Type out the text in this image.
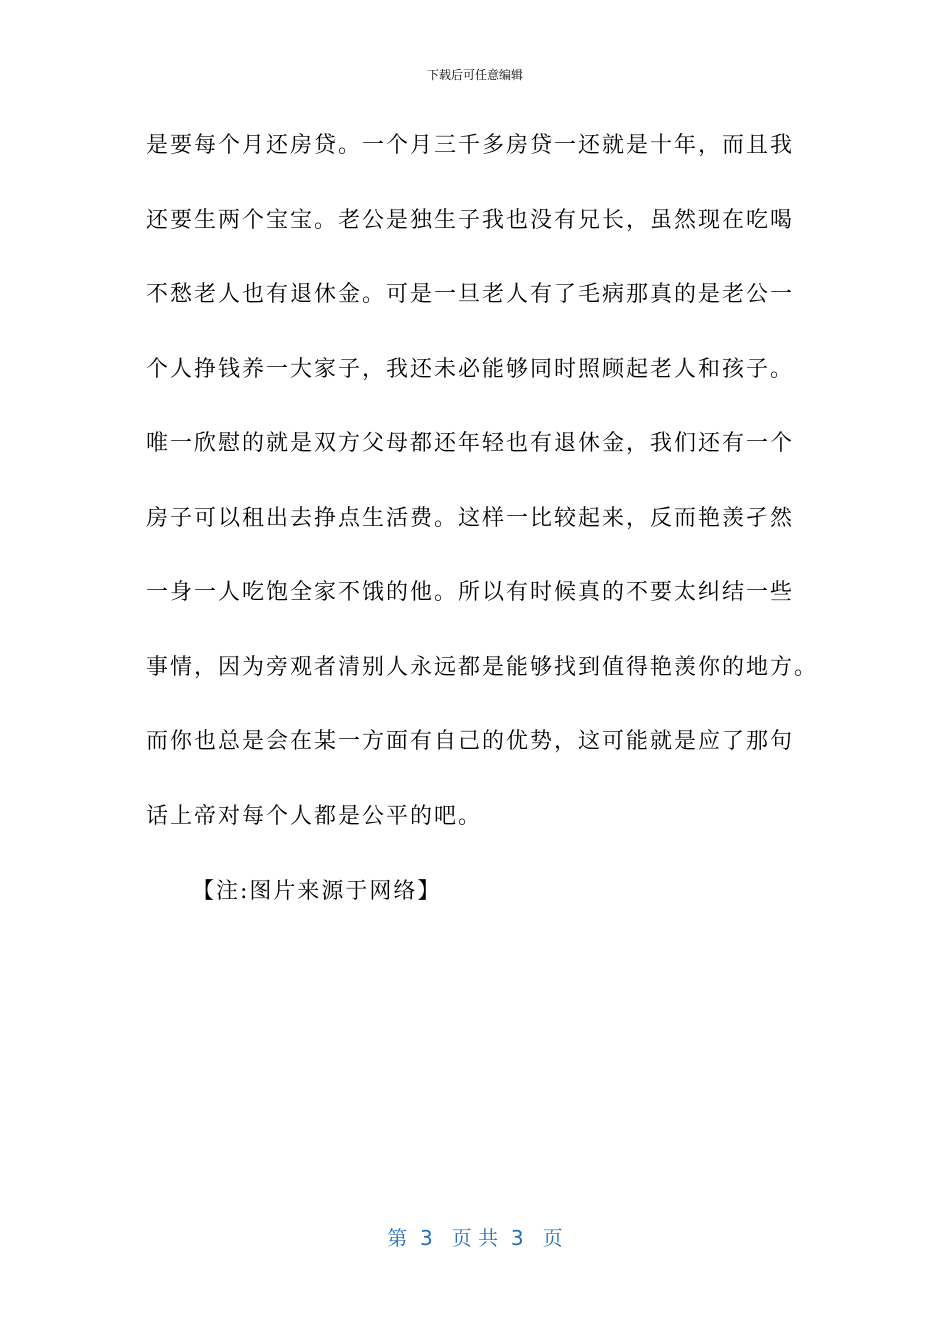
下载后可任意编辑
是要每个月还房贷。一个月三千多房贷一还就是十年，而且我
还要生两个宝宝。老公是独生子我也没有兄长，虽然现在吃喝
不愁老人也有退休金。可是一旦老人有了毛病那真的是老公一
个人挣钱养一大家子，我还未必能够同时照顾起老人和孩子。
唯一欣慰的就是双方父母都还年轻也有退休金，我们还有一个
房子可以租出去挣点生活费。这样一比较起来，反而艳羡孑然
一身一人吃饱全家不饿的他。所以有时候真的不要太纠结一些
事情，因为旁观者清别人永远都是能够找到值得艳羡你的地方。
而你也总是会在某一方面有自己的优势，这可能就是应了那句
话上帝对每个人都是公平的吧。
【注:图片来源于网络】
第  3   页 共  3   页
